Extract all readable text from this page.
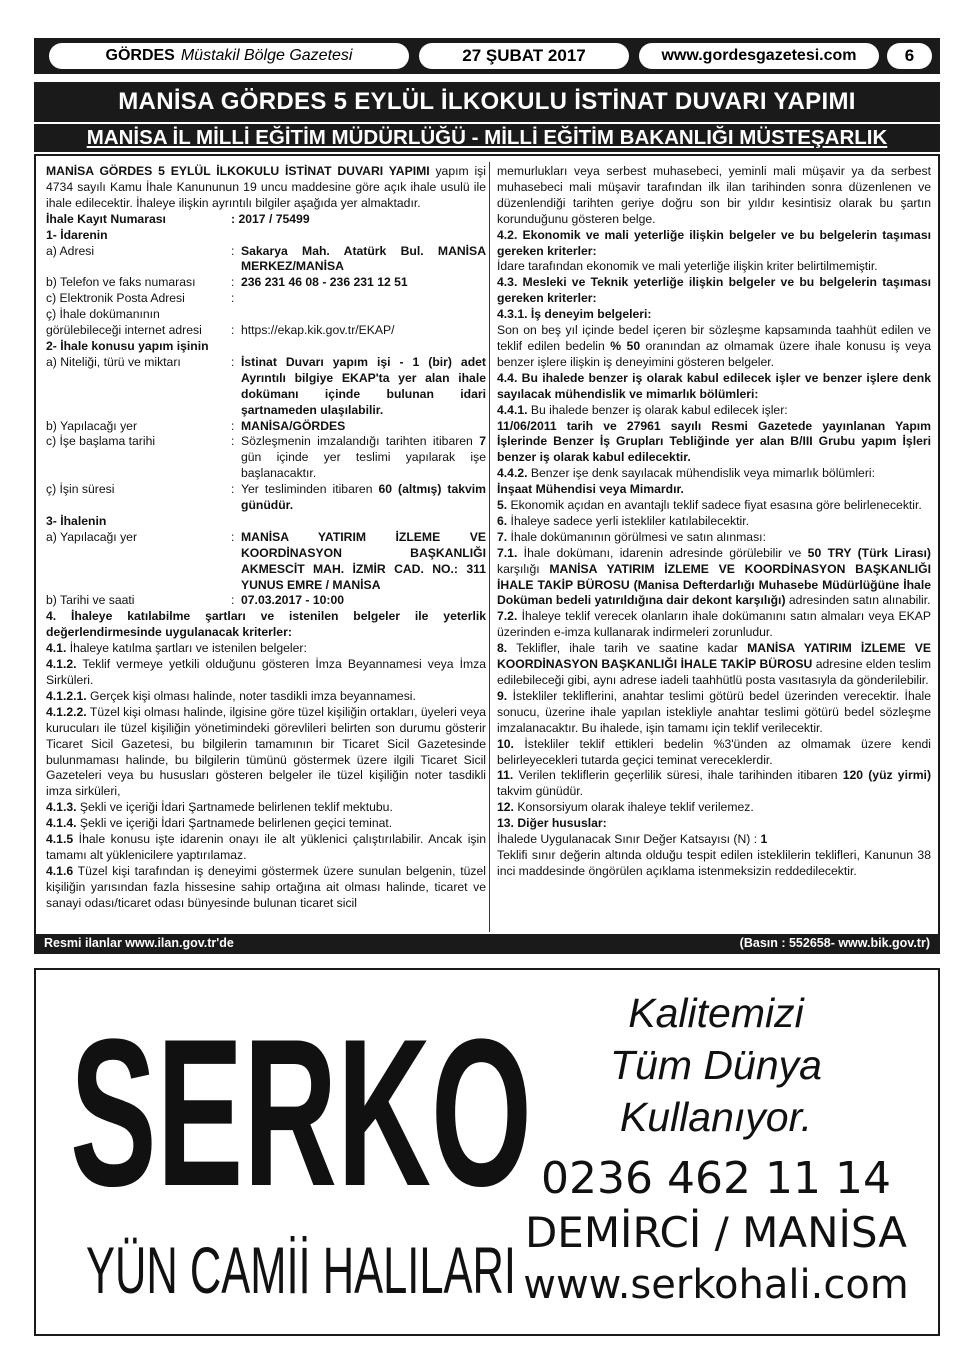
GÖRDES Müstakil Bölge Gazetesi	27 ŞUBAT 2017	www.gordesgazetesi.com	6
MANİSA GÖRDES 5 EYLÜL İLKOKULU İSTİNAT DUVARI YAPIMI
MANİSA İL MİLLİ EĞİTİM MÜDÜRLÜĞÜ - MİLLİ EĞİTİM BAKANLIĞI MÜSTEŞARLIK

MANİSA GÖRDES 5 EYLÜL İLKOKULU İSTİNAT DUVARI YAPIMI yapım işi 4734 sayılı Kamu İhale Kanununun 19 uncu maddesine göre açık ihale usulü ile ihale edilecektir. İhaleye ilişkin ayrıntılı bilgiler aşağıda yer almaktadır.

İhale Kayıt Numarası	: 2017 / 75499
1- İdarenin
a) Adresi	: Sakarya Mah. Atatürk Bul. MANİSA MERKEZ/MANİSA
b) Telefon ve faks numarası	: 236 231 46 08 - 236 231 12 51
c) Elektronik Posta Adresi	:
ç) İhale dokümanının görülebileceği internet adresi	: https://ekap.kik.gov.tr/EKAP/
2- İhale konusu yapım işinin
a) Niteliği, türü ve miktarı	: İstinat Duvarı yapım işi - 1 (bir) adet Ayrıntılı bilgiye EKAP'ta yer alan ihale dokümanı içinde bulunan idari şartnameden ulaşılabilir.
b) Yapılacağı yer	: MANİSA/GÖRDES
c) İşe başlama tarihi	: Sözleşmenin imzalandığı tarihten itibaren 7 gün içinde yer teslimi yapılarak işe başlanacaktır.
ç) İşin süresi	: Yer tesliminden itibaren 60 (altmış) takvim günüdür.
3- İhalenin
a) Yapılacağı yer	: MANİSA YATIRIM İZLEME VE KOORDİNASYON BAŞKANLIĞI AKMESCİT MAH. İZMİR CAD. NO.: 311 YUNUS EMRE / MANİSA
b) Tarihi ve saati	: 07.03.2017 - 10:00

4. İhaleye katılabilme şartları ve istenilen belgeler ile yeterlik değerlendirmesinde uygulanacak kriterler:

4.1. İhaleye katılma şartları ve istenilen belgeler:

4.1.2. Teklif vermeye yetkili olduğunu gösteren İmza Beyannamesi veya İmza Sirküleri.

4.1.2.1. Gerçek kişi olması halinde, noter tasdikli imza beyannamesi.

4.1.2.2. Tüzel kişi olması halinde, ilgisine göre tüzel kişiliğin ortakları, üyeleri veya kurucuları ile tüzel kişiliğin yönetimindeki görevlileri belirten son durumu gösterir Ticaret Sicil Gazetesi, bu bilgilerin tamamının bir Ticaret Sicil Gazetesinde bulunmaması halinde, bu bilgilerin tümünü göstermek üzere ilgili Ticaret Sicil Gazeteleri veya bu hususları gösteren belgeler ile tüzel kişiliğin noter tasdikli imza sirküleri,

4.1.3. Şekli ve içeriği İdari Şartnamede belirlenen teklif mektubu.

4.1.4. Şekli ve içeriği İdari Şartnamede belirlenen geçici teminat.

4.1.5 İhale konusu işte idarenin onayı ile alt yüklenici çalıştırılabilir. Ancak işin tamamı alt yüklenicilere yaptırılamaz.

4.1.6 Tüzel kişi tarafından iş deneyimi göstermek üzere sunulan belgenin, tüzel kişiliğin yarısından fazla hissesine sahip ortağına ait olması halinde, ticaret ve sanayi odası/ticaret odası bünyesinde bulunan ticaret sicil

memurlukları veya serbest muhasebeci, yeminli mali müşavir ya da serbest muhasebeci mali müşavir tarafından ilk ilan tarihinden sonra düzenlenen ve düzenlendiği tarihten geriye doğru son bir yıldır kesintisiz olarak bu şartın korunduğunu gösteren belge.

4.2. Ekonomik ve mali yeterliğe ilişkin belgeler ve bu belgelerin taşıması gereken kriterler:

İdare tarafından ekonomik ve mali yeterliğe ilişkin kriter belirtilmemiştir.

4.3. Mesleki ve Teknik yeterliğe ilişkin belgeler ve bu belgelerin taşıması gereken kriterler:

4.3.1. İş deneyim belgeleri:

Son on beş yıl içinde bedel içeren bir sözleşme kapsamında taahhüt edilen ve teklif edilen bedelin % 50 oranından az olmamak üzere ihale konusu iş veya benzer işlere ilişkin iş deneyimini gösteren belgeler.

4.4. Bu ihalede benzer iş olarak kabul edilecek işler ve benzer işlere denk sayılacak mühendislik ve mimarlık bölümleri:

4.4.1. Bu ihalede benzer iş olarak kabul edilecek işler:

11/06/2011 tarih ve 27961 sayılı Resmi Gazetede yayınlanan Yapım İşlerinde Benzer İş Grupları Tebliğinde yer alan B/III Grubu yapım İşleri benzer iş olarak kabul edilecektir.

4.4.2. Benzer işe denk sayılacak mühendislik veya mimarlık bölümleri:

İnşaat Mühendisi veya Mimardır.

5. Ekonomik açıdan en avantajlı teklif sadece fiyat esasına göre belirlenecektir.

6. İhaleye sadece yerli istekliler katılabilecektir.

7. İhale dokümanının görülmesi ve satın alınması:

7.1. İhale dokümanı, idarenin adresinde görülebilir ve 50 TRY (Türk Lirası) karşılığı MANİSA YATIRIM İZLEME VE KOORDİNASYON BAŞKANLIĞI İHALE TAKİP BÜROSU (Manisa Defterdarlığı Muhasebe Müdürlüğüne İhale Doküman bedeli yatırıldığına dair dekont karşılığı) adresinden satın alınabilir.

7.2. İhaleye teklif verecek olanların ihale dokümanını satın almaları veya EKAP üzerinden e-imza kullanarak indirmeleri zorunludur.

8. Teklifler, ihale tarih ve saatine kadar MANİSA YATIRIM İZLEME VE KOORDİNASYON BAŞKANLIĞI İHALE TAKİP BÜROSU adresine elden teslim edilebileceği gibi, aynı adrese iadeli taahhütlü posta vasıtasıyla da gönderilebilir.

9. İstekliler tekliflerini, anahtar teslimi götürü bedel üzerinden verecektir. İhale sonucu, üzerine ihale yapılan istekliyle anahtar teslimi götürü bedel sözleşme imzalanacaktır. Bu ihalede, işin tamamı için teklif verilecektir.

10. İstekliler teklif ettikleri bedelin %3'ünden az olmamak üzere kendi belirleyecekleri tutarda geçici teminat vereceklerdir.

11. Verilen tekliflerin geçerlilik süresi, ihale tarihinden itibaren 120 (yüz yirmi) takvim günüdür.

12. Konsorsiyum olarak ihaleye teklif verilemez.

13. Diğer hususlar:

İhalede Uygulanacak Sınır Değer Katsayısı (N) : 1

Teklifi sınır değerin altında olduğu tespit edilen isteklilerin teklifleri, Kanunun 38 inci maddesinde öngörülen açıklama istenmeksizin reddedilecektir.

Resmi ilanlar www.ilan.gov.tr'de	(Basın : 552658- www.bik.gov.tr)
SERKO
YÜN CAMİİ HALILARI
Kalitemizi
Tüm Dünya
Kullanıyor.
0236 462 11 14
DEMİRCİ / MANİSA
www.serkohali.com
